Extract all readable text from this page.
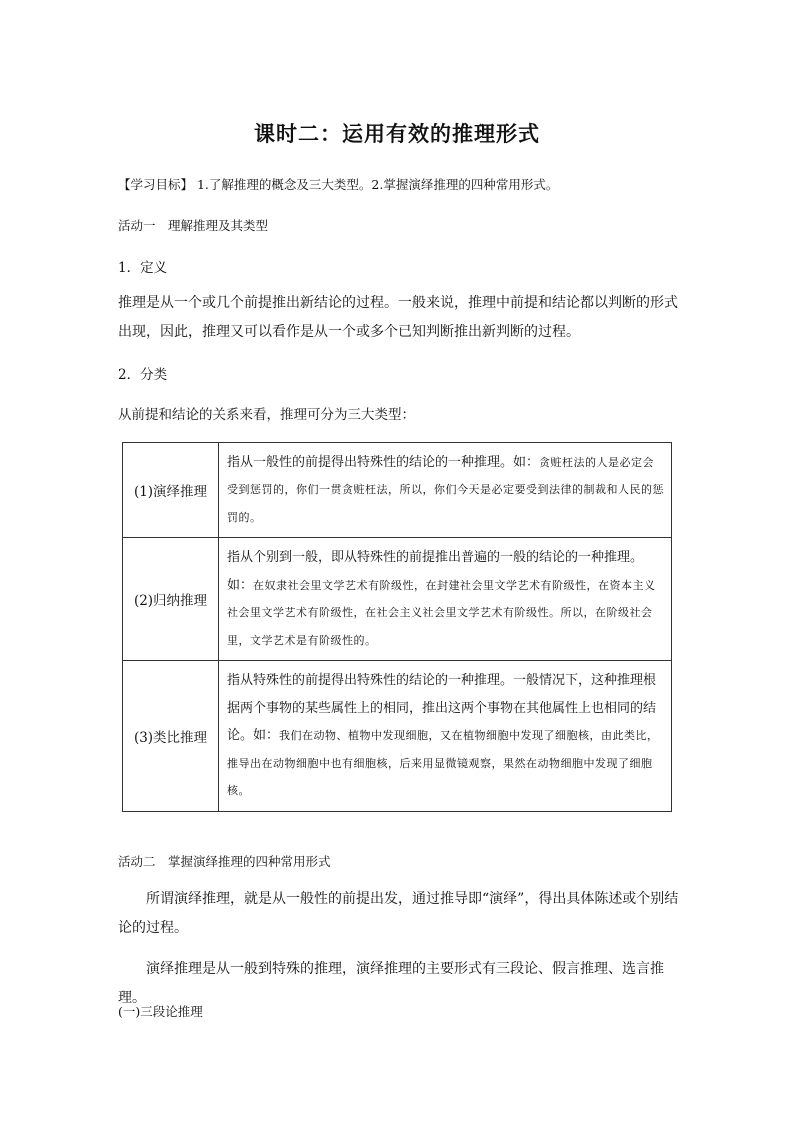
课时二：运用有效的推理形式
【学习目标】 1.了解推理的概念及三大类型。2.掌握演绎推理的四种常用形式。
活动一　理解推理及其类型
1．定义
推理是从一个或几个前提推出新结论的过程。一般来说，推理中前提和结论都以判断的形式出现，因此，推理又可以看作是从一个或多个已知判断推出新判断的过程。
2．分类
从前提和结论的关系来看，推理可分为三大类型：
(1)演绎推理	指从一般性的前提得出特殊性的结论的一种推理。如：贪赃枉法的人是必定会受到惩罚的，你们一贯贪赃枉法，所以，你们今天是必定要受到法律的制裁和人民的惩罚的。
(2)归纳推理	指从个别到一般，即从特殊性的前提推出普遍的一般的结论的一种推理。如：在奴隶社会里文学艺术有阶级性，在封建社会里文学艺术有阶级性，在资本主义社会里文学艺术有阶级性，在社会主义社会里文学艺术有阶级性。所以，在阶级社会里，文学艺术是有阶级性的。
(3)类比推理	指从特殊性的前提得出特殊性的结论的一种推理。一般情况下，这种推理根据两个事物的某些属性上的相同，推出这两个事物在其他属性上也相同的结论。如：我们在动物、植物中发现细胞，又在植物细胞中发现了细胞核，由此类比，推导出在动物细胞中也有细胞核，后来用显微镜观察，果然在动物细胞中发现了细胞核。
活动二　掌握演绎推理的四种常用形式
所谓演绎推理，就是从一般性的前提出发，通过推导即“演绎”，得出具体陈述或个别结论的过程。
演绎推理是从一般到特殊的推理，演绎推理的主要形式有三段论、假言推理、选言推理。
(一)三段论推理
